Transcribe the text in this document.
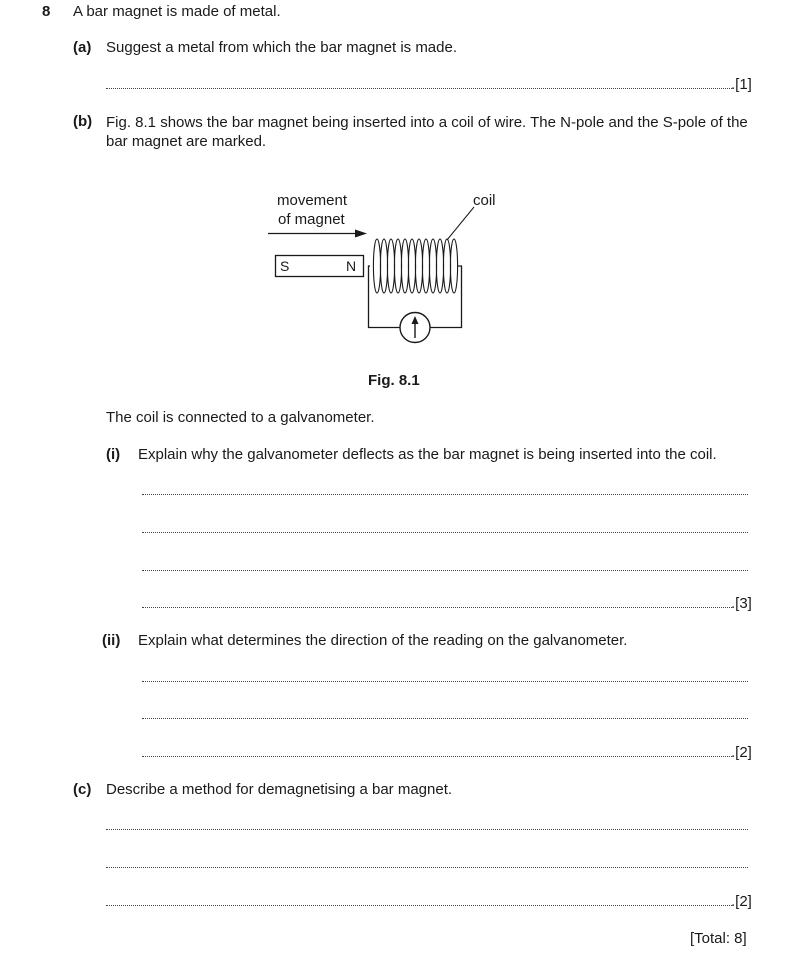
8 A bar magnet is made of metal.
(a) Suggest a metal from which the bar magnet is made.
.[1]
(b) Fig. 8.1 shows the bar magnet being inserted into a coil of wire. The N-pole and the S-pole of the bar magnet are marked.
movement
of magnet
coil
S	N
Fig. 8.1
The coil is connected to a galvanometer.
(i) Explain why the galvanometer deflects as the bar magnet is being inserted into the coil.
.[3]
(ii) Explain what determines the direction of the reading on the galvanometer.
.[2]
(c) Describe a method for demagnetising a bar magnet.
.[2]
[Total: 8]
